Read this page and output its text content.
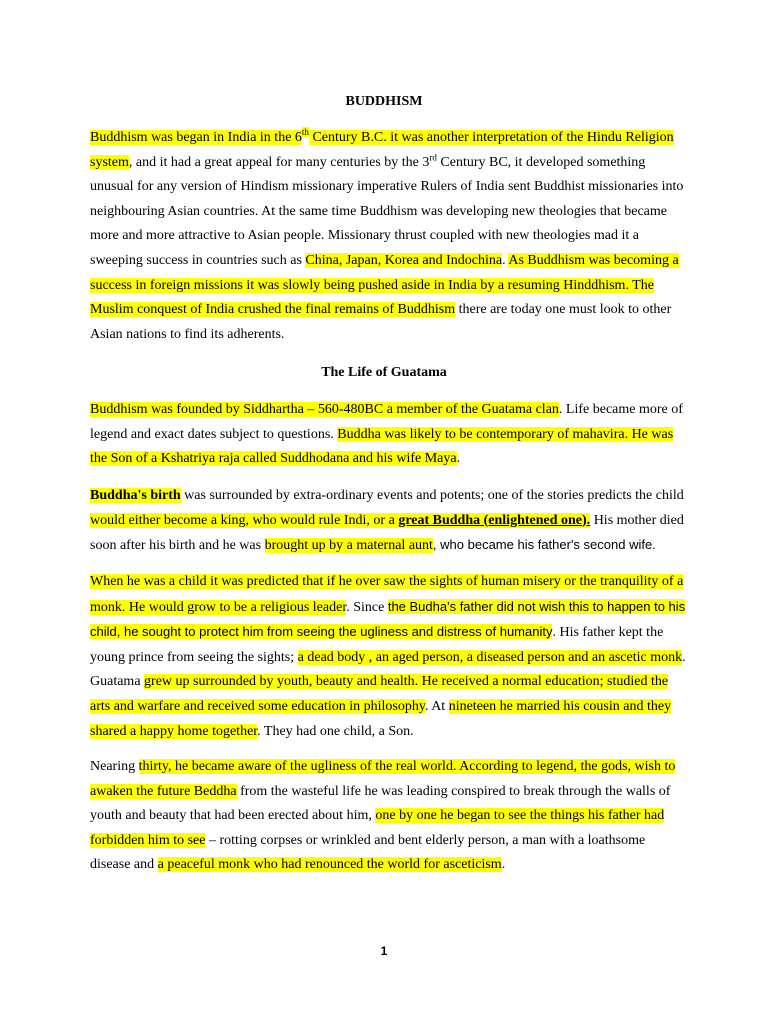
BUDDHISM
Buddhism was began in India in the 6th Century B.C. it was another interpretation of the Hindu Religion system, and it had a great appeal for many centuries by the 3rd Century BC, it developed something unusual for any version of Hindism missionary imperative Rulers of India sent Buddhist missionaries into neighbouring Asian countries. At the same time Buddhism was developing new theologies that became more and more attractive to Asian people. Missionary thrust coupled with new theologies mad it a sweeping success in countries such as China, Japan, Korea and Indochina. As Buddhism was becoming a success in foreign missions it was slowly being pushed aside in India by a resuming Hinddhism. The Muslim conquest of India crushed the final remains of Buddhism there are today one must look to other Asian nations to find its adherents.
The Life of Guatama
Buddhism was founded by Siddhartha – 560-480BC a member of the Guatama clan. Life became more of legend and exact dates subject to questions. Buddha was likely to be contemporary of mahavira. He was the Son of a Kshatriya raja called Suddhodana and his wife Maya.
Buddha's birth was surrounded by extra-ordinary events and potents; one of the stories predicts the child would either become a king, who would rule Indi, or a great Buddha (enlightened one). His mother died soon after his birth and he was brought up by a maternal aunt, who became his father's second wife.
When he was a child it was predicted that if he over saw the sights of human misery or the tranquility of a monk. He would grow to be a religious leader. Since the Budha's father did not wish this to happen to his child, he sought to protect him from seeing the ugliness and distress of humanity. His father kept the young prince from seeing the sights; a dead body , an aged person, a diseased person and an ascetic monk. Guatama grew up surrounded by youth, beauty and health. He received a normal education; studied the arts and warfare and received some education in philosophy. At nineteen he married his cousin and they shared a happy home together. They had one child, a Son.
Nearing thirty, he became aware of the ugliness of the real world. According to legend, the gods, wish to awaken the future Beddha from the wasteful life he was leading conspired to break through the walls of youth and beauty that had been erected about him, one by one he began to see the things his father had forbidden him to see – rotting corpses or wrinkled and bent elderly person, a man with a loathsome disease and a peaceful monk who had renounced the world for asceticism.
1
